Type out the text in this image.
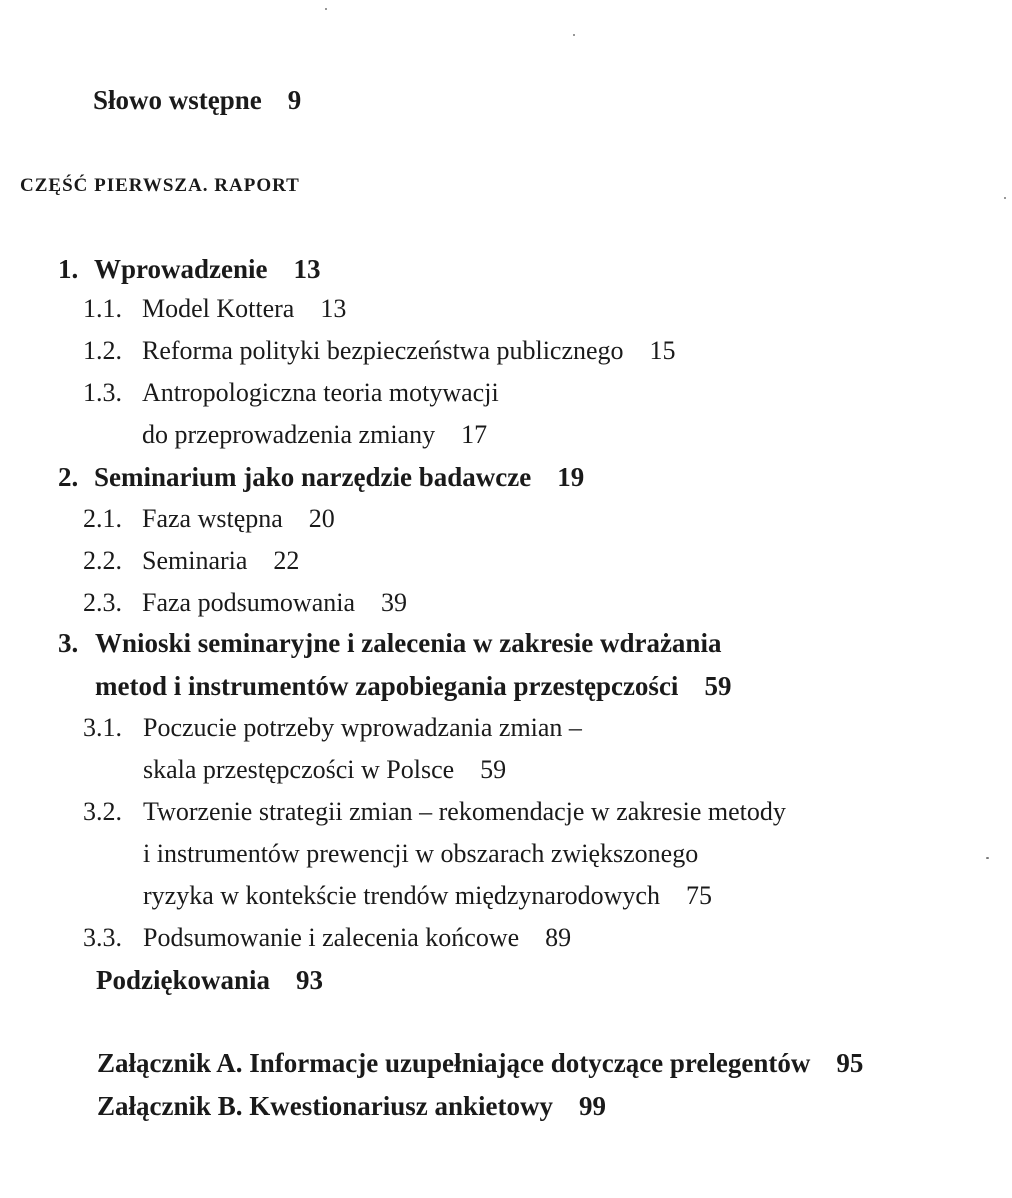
Słowo wstępne 9
CZĘŚĆ PIERWSZA. RAPORT
1. Wprowadzenie 13
1.1. Model Kottera 13
1.2. Reforma polityki bezpieczeństwa publicznego 15
1.3. Antropologiczna teoria motywacji
do przeprowadzenia zmiany 17
2. Seminarium jako narzędzie badawcze 19
2.1. Faza wstępna 20
2.2. Seminaria 22
2.3. Faza podsumowania 39
3. Wnioski seminaryjne i zalecenia w zakresie wdrażania
metod i instrumentów zapobiegania przestępczości 59
3.1. Poczucie potrzeby wprowadzania zmian –
skala przestępczości w Polsce 59
3.2. Tworzenie strategii zmian – rekomendacje w zakresie metody
i instrumentów prewencji w obszarach zwiększonego
ryzyka w kontekście trendów międzynarodowych 75
3.3. Podsumowanie i zalecenia końcowe 89
Podziękowania 93
Załącznik A. Informacje uzupełniające dotyczące prelegentów 95
Załącznik B. Kwestionariusz ankietowy 99
